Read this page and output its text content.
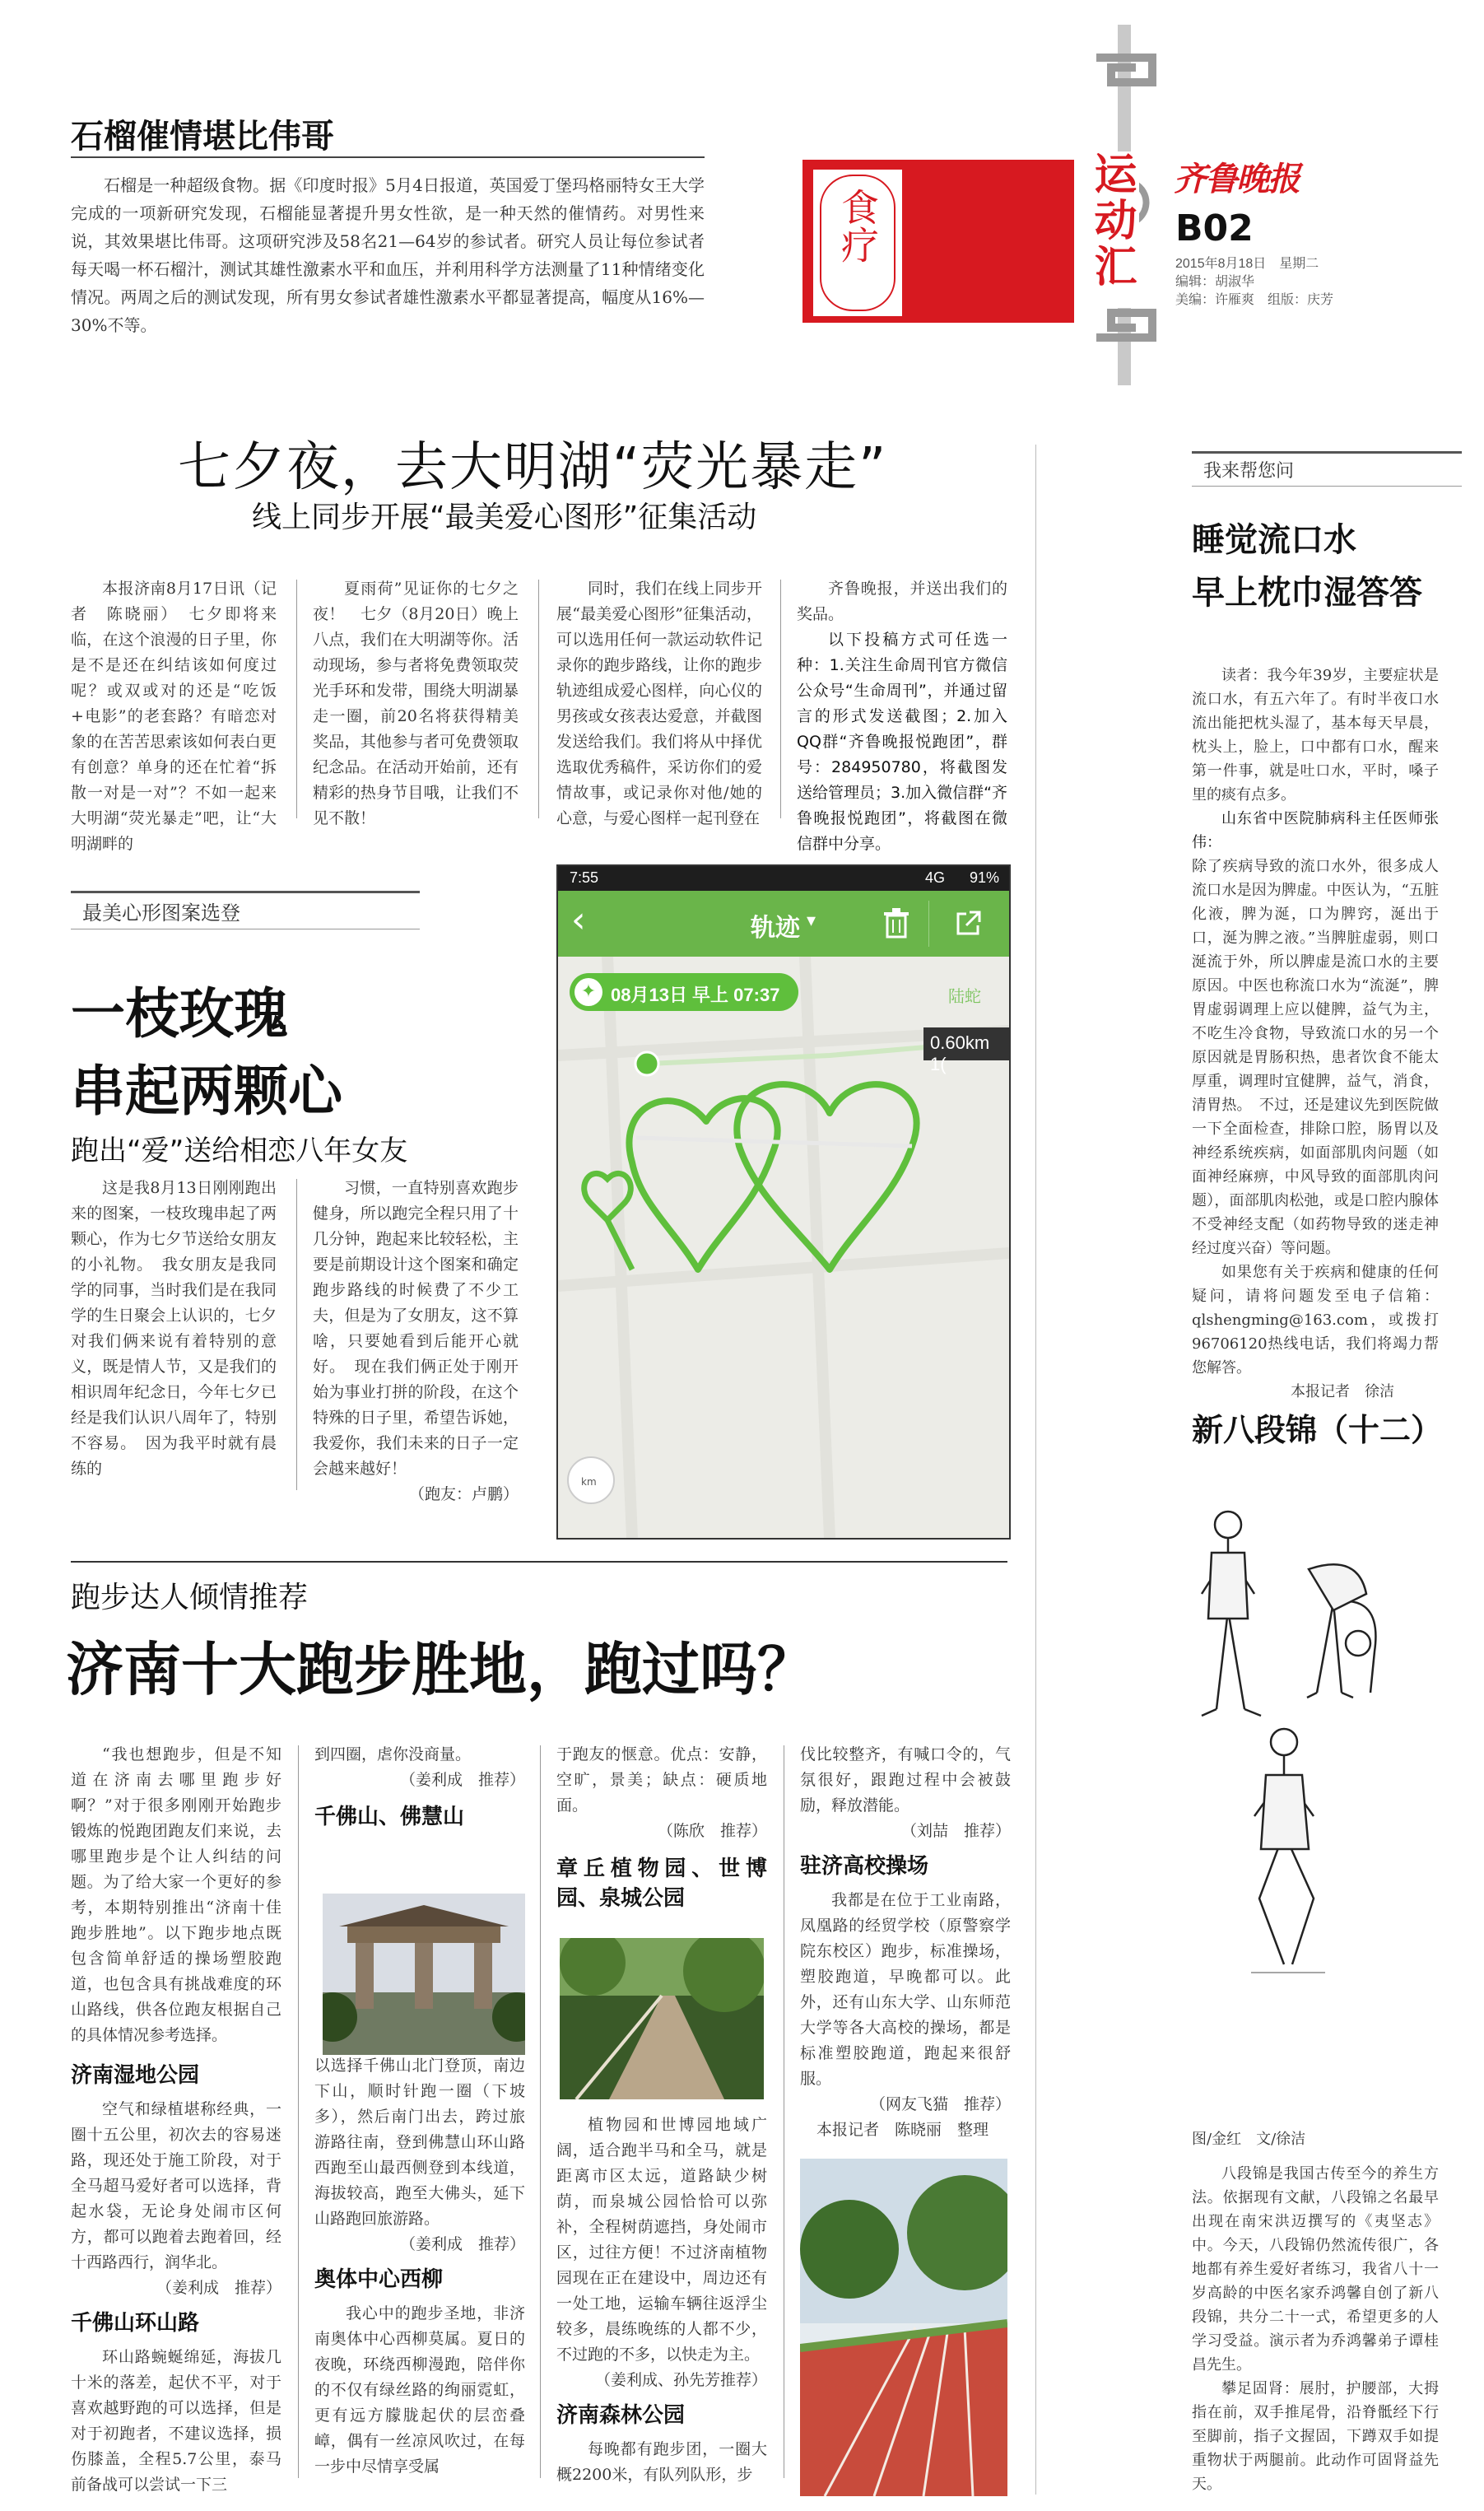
运动汇 齐鲁晚报
B02
2015年8月18日　星期二
编辑：胡淑华
美编：许雁爽　组版：庆芳
食疗
石榴催情堪比伟哥

石榴是一种超级食物。据《印度时报》5月4日报道，英国爱丁堡玛格丽特女王大学完成的一项新研究发现，石榴能显著提升男女性欲，是一种天然的催情药。对男性来说，其效果堪比伟哥。这项研究涉及58名21—64岁的参试者。研究人员让每位参试者每天喝一杯石榴汁，测试其雄性激素水平和血压，并利用科学方法测量了11种情绪变化情况。两周之后的测试发现，所有男女参试者雄性激素水平都显著提高，幅度从16%—30%不等。

七夕夜，去大明湖“荧光暴走”
线上同步开展“最美爱心图形”征集活动

本报济南8月17日讯（记者　陈晓丽）　七夕即将来临，在这个浪漫的日子里，你是不是还在纠结该如何度过呢？或双或对的还是“吃饭+电影”的老套路？有暗恋对象的在苦苦思索该如何表白更有创意？单身的还在忙着“拆散一对是一对”？不如一起来大明湖“荧光暴走”吧，让“大明湖畔的

夏雨荷”见证你的七夕之夜！　七夕（8月20日）晚上八点，我们在大明湖等你。活动现场，参与者将免费领取荧光手环和发带，围绕大明湖暴走一圈，前20名将获得精美奖品，其他参与者可免费领取纪念品。在活动开始前，还有精彩的热身节目哦，让我们不见不散！

同时，我们在线上同步开展“最美爱心图形”征集活动，可以选用任何一款运动软件记录你的跑步路线，让你的跑步轨迹组成爱心图样，向心仪的男孩或女孩表达爱意，并截图发送给我们。我们将从中择优选取优秀稿件，采访你们的爱情故事，或记录你对他/她的心意，与爱心图样一起刊登在

齐鲁晚报，并送出我们的奖品。

以下投稿方式可任选一种：1.关注生命周刊官方微信公众号“生命周刊”，并通过留言的形式发送截图；2.加入QQ群“齐鲁晚报悦跑团”，群号：284950780，将截图发送给管理员；3.加入微信群“齐鲁晚报悦跑团”，将截图在微信群中分享。

最美心形图案选登
一枝玫瑰
串起两颗心
跑出“爱”送给相恋八年女友

这是我8月13日刚刚跑出来的图案，一枝玫瑰串起了两颗心，作为七夕节送给女朋友的小礼物。　我女朋友是我同学的同事，当时我们是在我同学的生日聚会上认识的，七夕对我们俩来说有着特别的意义，既是情人节，又是我们的相识周年纪念日，今年七夕已经是我们认识八周年了，特别不容易。　因为我平时就有晨练的

习惯，一直特别喜欢跑步健身，所以跑完全程只用了十几分钟，跑起来比较轻松，主要是前期设计这个图案和确定跑步路线的时候费了不少工夫，但是为了女朋友，这不算啥，只要她看到后能开心就好。　现在我们俩正处于刚开始为事业打拼的阶段，在这个特殊的日子里，希望告诉她，我爱你，我们未来的日子一定会越来越好！

（跑友：卢鹏）
7:55	4G 91%
‹	轨迹 ▾
km
✦ 08月13日 早上 07:37	陆蛇
0.60km 1(
跑步达人倾情推荐
济南十大跑步胜地，跑过吗？

“我也想跑步，但是不知道在济南去哪里跑步好啊？”对于很多刚刚开始跑步锻炼的悦跑团跑友们来说，去哪里跑步是个让人纠结的问题。为了给大家一个更好的参考，本期特别推出“济南十佳跑步胜地”。以下跑步地点既包含简单舒适的操场塑胶跑道，也包含具有挑战难度的环山路线，供各位跑友根据自己的具体情况参考选择。

济南湿地公园

空气和绿植堪称经典，一圈十五公里，初次去的容易迷路，现还处于施工阶段，对于全马超马爱好者可以选择，背起水袋，无论身处闹市区何方，都可以跑着去跑着回，经十西路西行，润华北。

（姜利成　推荐）
千佛山环山路

环山路蜿蜒绵延，海拔几十米的落差，起伏不平，对于喜欢越野跑的可以选择，但是对于初跑者，不建议选择，损伤膝盖，全程5.7公里，泰马前备战可以尝试一下三

到四圈，虐你没商量。

（姜利成　推荐）
千佛山、佛慧山

以选择千佛山北门登顶，南边下山，顺时针跑一圈（下坡多），然后南门出去，跨过旅游路往南，登到佛慧山环山路西跑至山最西侧登到本线道，海拔较高，跑至大佛头，延下山路跑回旅游路。

（姜利成　推荐）
奥体中心西柳

我心中的跑步圣地，非济南奥体中心西柳莫属。夏日的夜晚，环绕西柳漫跑，陪伴你的不仅有绿丝路的绚丽霓虹，更有远方朦胧起伏的层峦叠嶂，偶有一丝凉风吹过，在每一步中尽情享受属

于跑友的惬意。优点：安静，空旷，景美；缺点：硬质地面。

（陈欣　推荐）
章丘植物园、世博园、泉城公园

植物园和世博园地域广阔，适合跑半马和全马，就是距离市区太远，道路缺少树荫，而泉城公园恰恰可以弥补，全程树荫遮挡，身处闹市区，过往方便！不过济南植物园现在正在建设中，周边还有一处工地，运输车辆往返浮尘较多，晨练晚练的人都不少，不过跑的不多，以快走为主。

（姜利成、孙先芳推荐）
济南森林公园

每晚都有跑步团，一圈大概2200米，有队列队形，步

伐比较整齐，有喊口令的，气氛很好，跟跑过程中会被鼓励，释放潜能。

（刘喆　推荐）
驻济高校操场

我都是在位于工业南路，凤凰路的经贸学校（原警察学院东校区）跑步，标准操场，塑胶跑道，早晚都可以。此外，还有山东大学、山东师范大学等各大高校的操场，都是标准塑胶跑道，跑起来很舒服。

（网友飞猫　推荐）
本报记者　陈晓丽　整理
我来帮您问
睡觉流口水
早上枕巾湿答答

读者：我今年39岁，主要症状是流口水，有五六年了。有时半夜口水流出能把枕头湿了，基本每天早晨，枕头上，脸上，口中都有口水，醒来第一件事，就是吐口水，平时，嗓子里的痰有点多。

山东省中医院肺病科主任医师张伟：

除了疾病导致的流口水外，很多成人流口水是因为脾虚。中医认为，“五脏化液，脾为涎，口为脾窍，涎出于口，涎为脾之液。”当脾脏虚弱，则口涎流于外，所以脾虚是流口水的主要原因。中医也称流口水为“流涎”，脾胃虚弱调理上应以健脾，益气为主，不吃生冷食物，导致流口水的另一个原因就是胃肠积热，患者饮食不能太厚重，调理时宜健脾，益气，消食，清胃热。　不过，还是建议先到医院做一下全面检查，排除口腔，肠胃以及神经系统疾病，如面部肌肉问题（如面神经麻痹，中风导致的面部肌肉问题），面部肌肉松弛，或是口腔内腺体不受神经支配（如药物导致的迷走神经过度兴奋）等问题。

如果您有关于疾病和健康的任何疑问，请将问题发至电子信箱：qlshengming@163.com，或拨打96706120热线电话，我们将竭力帮您解答。

本报记者　徐洁
新八段锦（十二）
图/金红　文/徐洁

八段锦是我国古传至今的养生方法。依据现有文献，八段锦之名最早出现在南宋洪迈撰写的《夷坚志》中。今天，八段锦仍然流传很广，各地都有养生爱好者练习，我省八十一岁高龄的中医名家乔鸿馨自创了新八段锦，共分二十一式，希望更多的人学习受益。演示者为乔鸿馨弟子谭桂昌先生。

攀足固肾：展肘，护腰部，大拇指在前，双手推尾骨，沿脊骶经下行至脚前，指子文握固，下蹲双手如提重物状于两腿前。此动作可固肾益先天。
